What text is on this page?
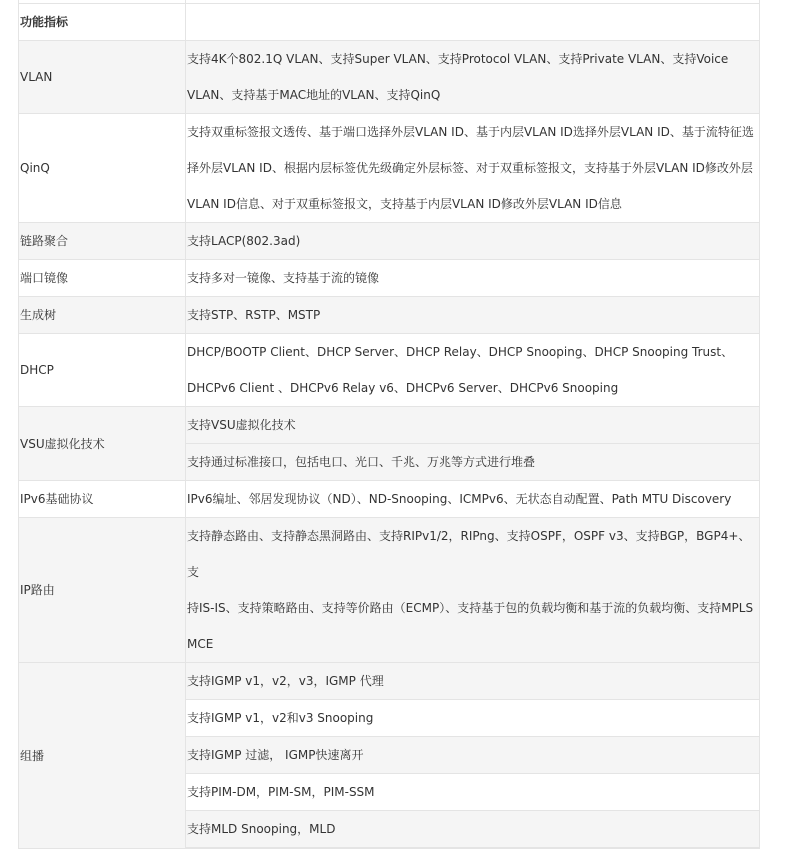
功能指标	
VLAN	支持4K个802.1Q VLAN、支持Super VLAN、支持Protocol VLAN、支持Private VLAN、支持Voice
VLAN、支持基于MAC地址的VLAN、支持QinQ

QinQ	支持双重标签报文透传、基于端口选择外层VLAN ID、基于内层VLAN ID选择外层VLAN ID、基于流特征选
择外层VLAN ID、根据内层标签优先级确定外层标签、对于双重标签报文，支持基于外层VLAN ID修改外层
VLAN ID信息、对于双重标签报文，支持基于内层VLAN ID修改外层VLAN ID信息

链路聚合	支持LACP(802.3ad)
端口镜像	支持多对一镜像、支持基于流的镜像
生成树	支持STP、RSTP、MSTP
DHCP	DHCP/BOOTP Client、DHCP Server、DHCP Relay、DHCP Snooping、DHCP Snooping Trust、
DHCPv6 Client 、DHCPv6 Relay v6、DHCPv6 Server、DHCPv6 Snooping

VSU虚拟化技术	支持VSU虚拟化技术
	支持通过标准接口，包括电口、光口、千兆、万兆等方式进行堆叠
IPv6基础协议	IPv6编址、邻居发现协议（ND）、ND-Snooping、ICMPv6、无状态自动配置、Path MTU Discovery
IP路由	支持静态路由、支持静态黑洞路由、支持RIPv1/2，RIPng、支持OSPF，OSPF v3、支持BGP，BGP4+、支
持IS-IS、支持策略路由、支持等价路由（ECMP）、支持基于包的负载均衡和基于流的负载均衡、支持MPLS
MCE

组播	支持IGMP v1，v2，v3，IGMP 代理
	支持IGMP v1，v2和v3 Snooping
	支持IGMP 过滤， IGMP快速离开
	支持PIM-DM，PIM-SM，PIM-SSM
	支持MLD Snooping，MLD
